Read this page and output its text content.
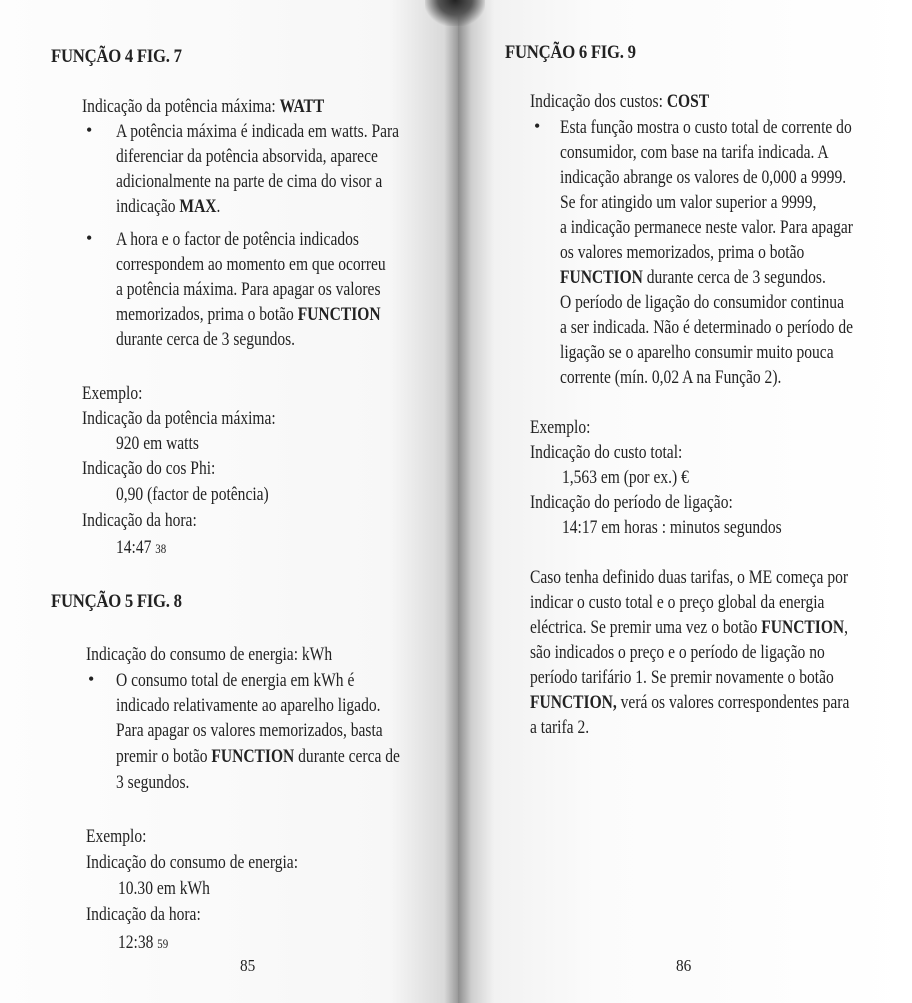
FUNÇÃO 4 FIG. 7
Indicação da potência máxima: WATT
• A potência máxima é indicada em watts. Para
diferenciar da potência absorvida, aparece
adicionalmente na parte de cima do visor a
indicação MAX.
• A hora e o factor de potência indicados
correspondem ao momento em que ocorreu
a potência máxima. Para apagar os valores
memorizados, prima o botão FUNCTION
durante cerca de 3 segundos.
Exemplo:
Indicação da potência máxima:
920 em watts
Indicação do cos Phi:
0,90 (factor de potência)
Indicação da hora:
14:47 38
FUNÇÃO 5 FIG. 8
Indicação do consumo de energia: kWh
• O consumo total de energia em kWh é
indicado relativamente ao aparelho ligado.
Para apagar os valores memorizados, basta
premir o botão FUNCTION durante cerca de
3 segundos.
Exemplo:
Indicação do consumo de energia:
10.30 em kWh
Indicação da hora:
12:38 59
85
FUNÇÃO 6 FIG. 9
Indicação dos custos: COST
• Esta função mostra o custo total de corrente do
consumidor, com base na tarifa indicada. A
indicação abrange os valores de 0,000 a 9999.
Se for atingido um valor superior a 9999,
a indicação permanece neste valor. Para apagar
os valores memorizados, prima o botão
FUNCTION durante cerca de 3 segundos.
O período de ligação do consumidor continua
a ser indicada. Não é determinado o período de
ligação se o aparelho consumir muito pouca
corrente (mín. 0,02 A na Função 2).
Exemplo:
Indicação do custo total:
1,563 em (por ex.) €
Indicação do período de ligação:
14:17 em horas : minutos segundos
Caso tenha definido duas tarifas, o ME começa por
indicar o custo total e o preço global da energia
eléctrica. Se premir uma vez o botão FUNCTION,
são indicados o preço e o período de ligação no
período tarifário 1. Se premir novamente o botão
FUNCTION, verá os valores correspondentes para
a tarifa 2.
86
